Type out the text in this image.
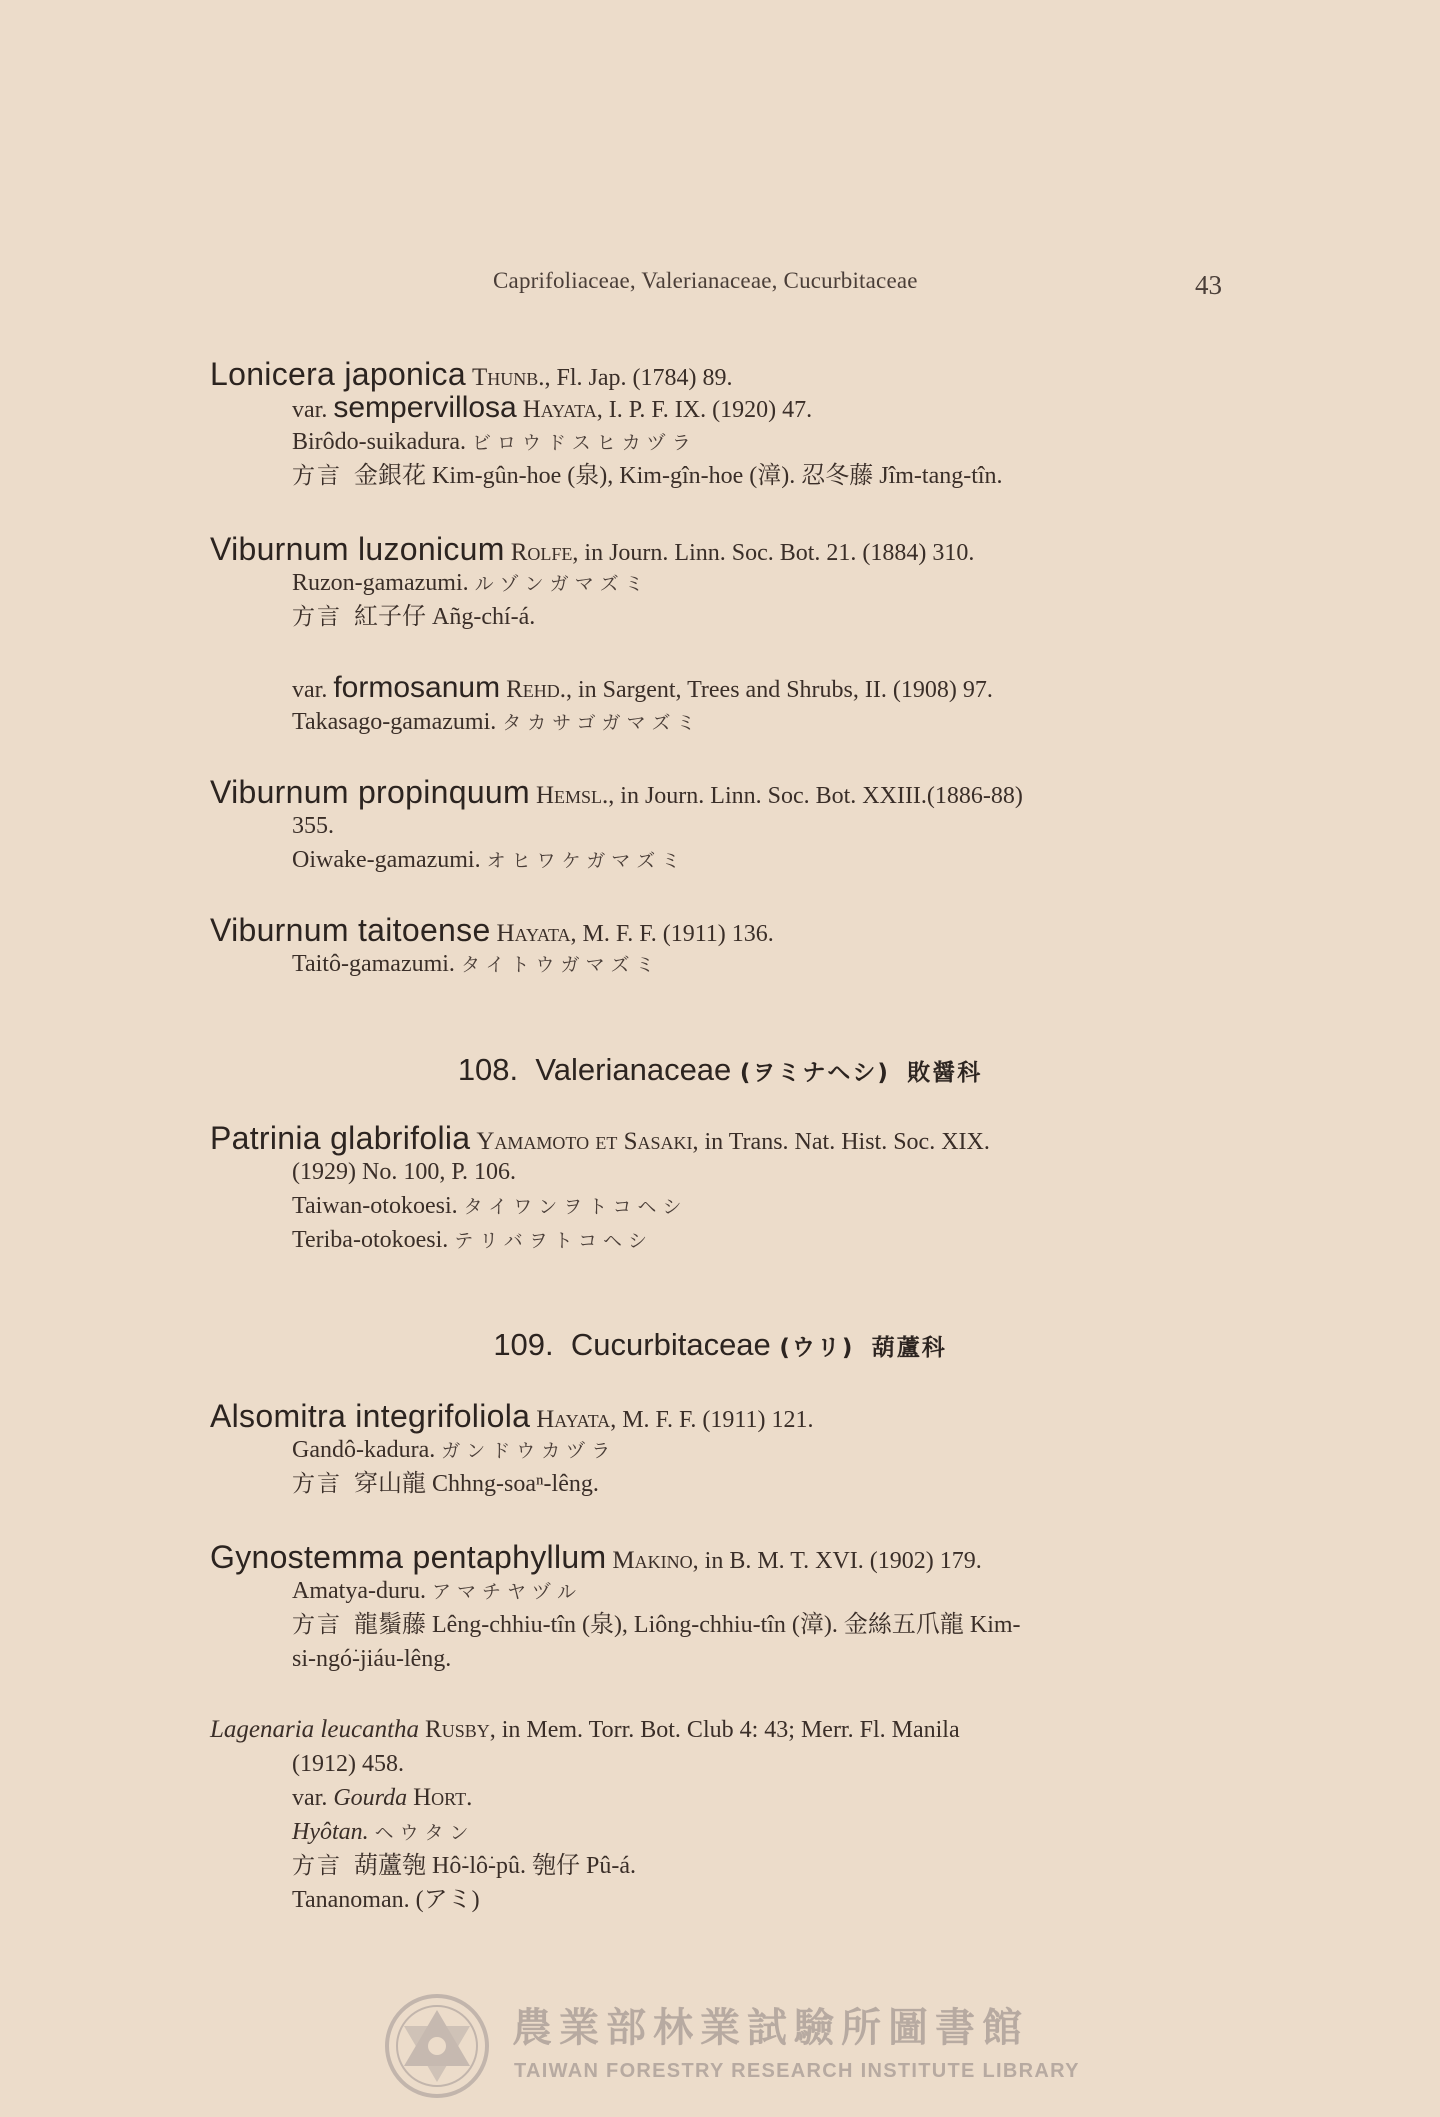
Caprifoliaceae, Valerianaceae, Cucurbitaceae	43
Lonicera japonica Thunb., Fl. Jap. (1784) 89.
var. sempervillosa Hayata, I. P. F. IX. (1920) 47.
Birôdo-suikadura. ビロウドスヒカヅラ
方言 金銀花 Kim-gûn-hoe (泉), Kim-gîn-hoe (漳). 忍冬藤 Jîm-tang-tîn.
Viburnum luzonicum Rolfe, in Journ. Linn. Soc. Bot. 21. (1884) 310.
Ruzon-gamazumi. ルゾンガマズミ
方言 紅子仔 Añg-chí-á.
var. formosanum Rehd., in Sargent, Trees and Shrubs, II. (1908) 97.
Takasago-gamazumi. タカサゴガマズミ
Viburnum propinquum Hemsl., in Journ. Linn. Soc. Bot. XXIII.(1886-88)
355.
Oiwake-gamazumi. オヒワケガマズミ
Viburnum taitoense Hayata, M. F. F. (1911) 136.
Taitô-gamazumi. タイトウガマズミ
108. Valerianaceae (ヲミナヘシ) 敗醤科
Patrinia glabrifolia Yamamoto et Sasaki, in Trans. Nat. Hist. Soc. XIX.
(1929) No. 100, P. 106.
Taiwan-otokoesi. タイワンヲトコヘシ
Teriba-otokoesi. テリバヲトコヘシ
109. Cucurbitaceae (ウリ) 葫蘆科
Alsomitra integrifoliola Hayata, M. F. F. (1911) 121.
Gandô-kadura. ガンドウカヅラ
方言 穿山龍 Chhng-soaⁿ-lêng.
Gynostemma pentaphyllum Makino, in B. M. T. XVI. (1902) 179.
Amatya-duru. アマチヤヅル
方言 龍鬚藤 Lêng-chhiu-tîn (泉), Liông-chhiu-tîn (漳). 金絲五爪龍 Kim-
si-ngó͘-jiáu-lêng.
Lagenaria leucantha Rusby, in Mem. Torr. Bot. Club 4: 43; Merr. Fl. Manila
(1912) 458.
var. Gourda Hort.
Hyôtan. ヘウタン
方言 葫蘆匏 Hô͘-lô͘-pû. 匏仔 Pû-á.
Tananoman. (アミ)
農業部林業試驗所圖書館
TAIWAN FORESTRY RESEARCH INSTITUTE LIBRARY
